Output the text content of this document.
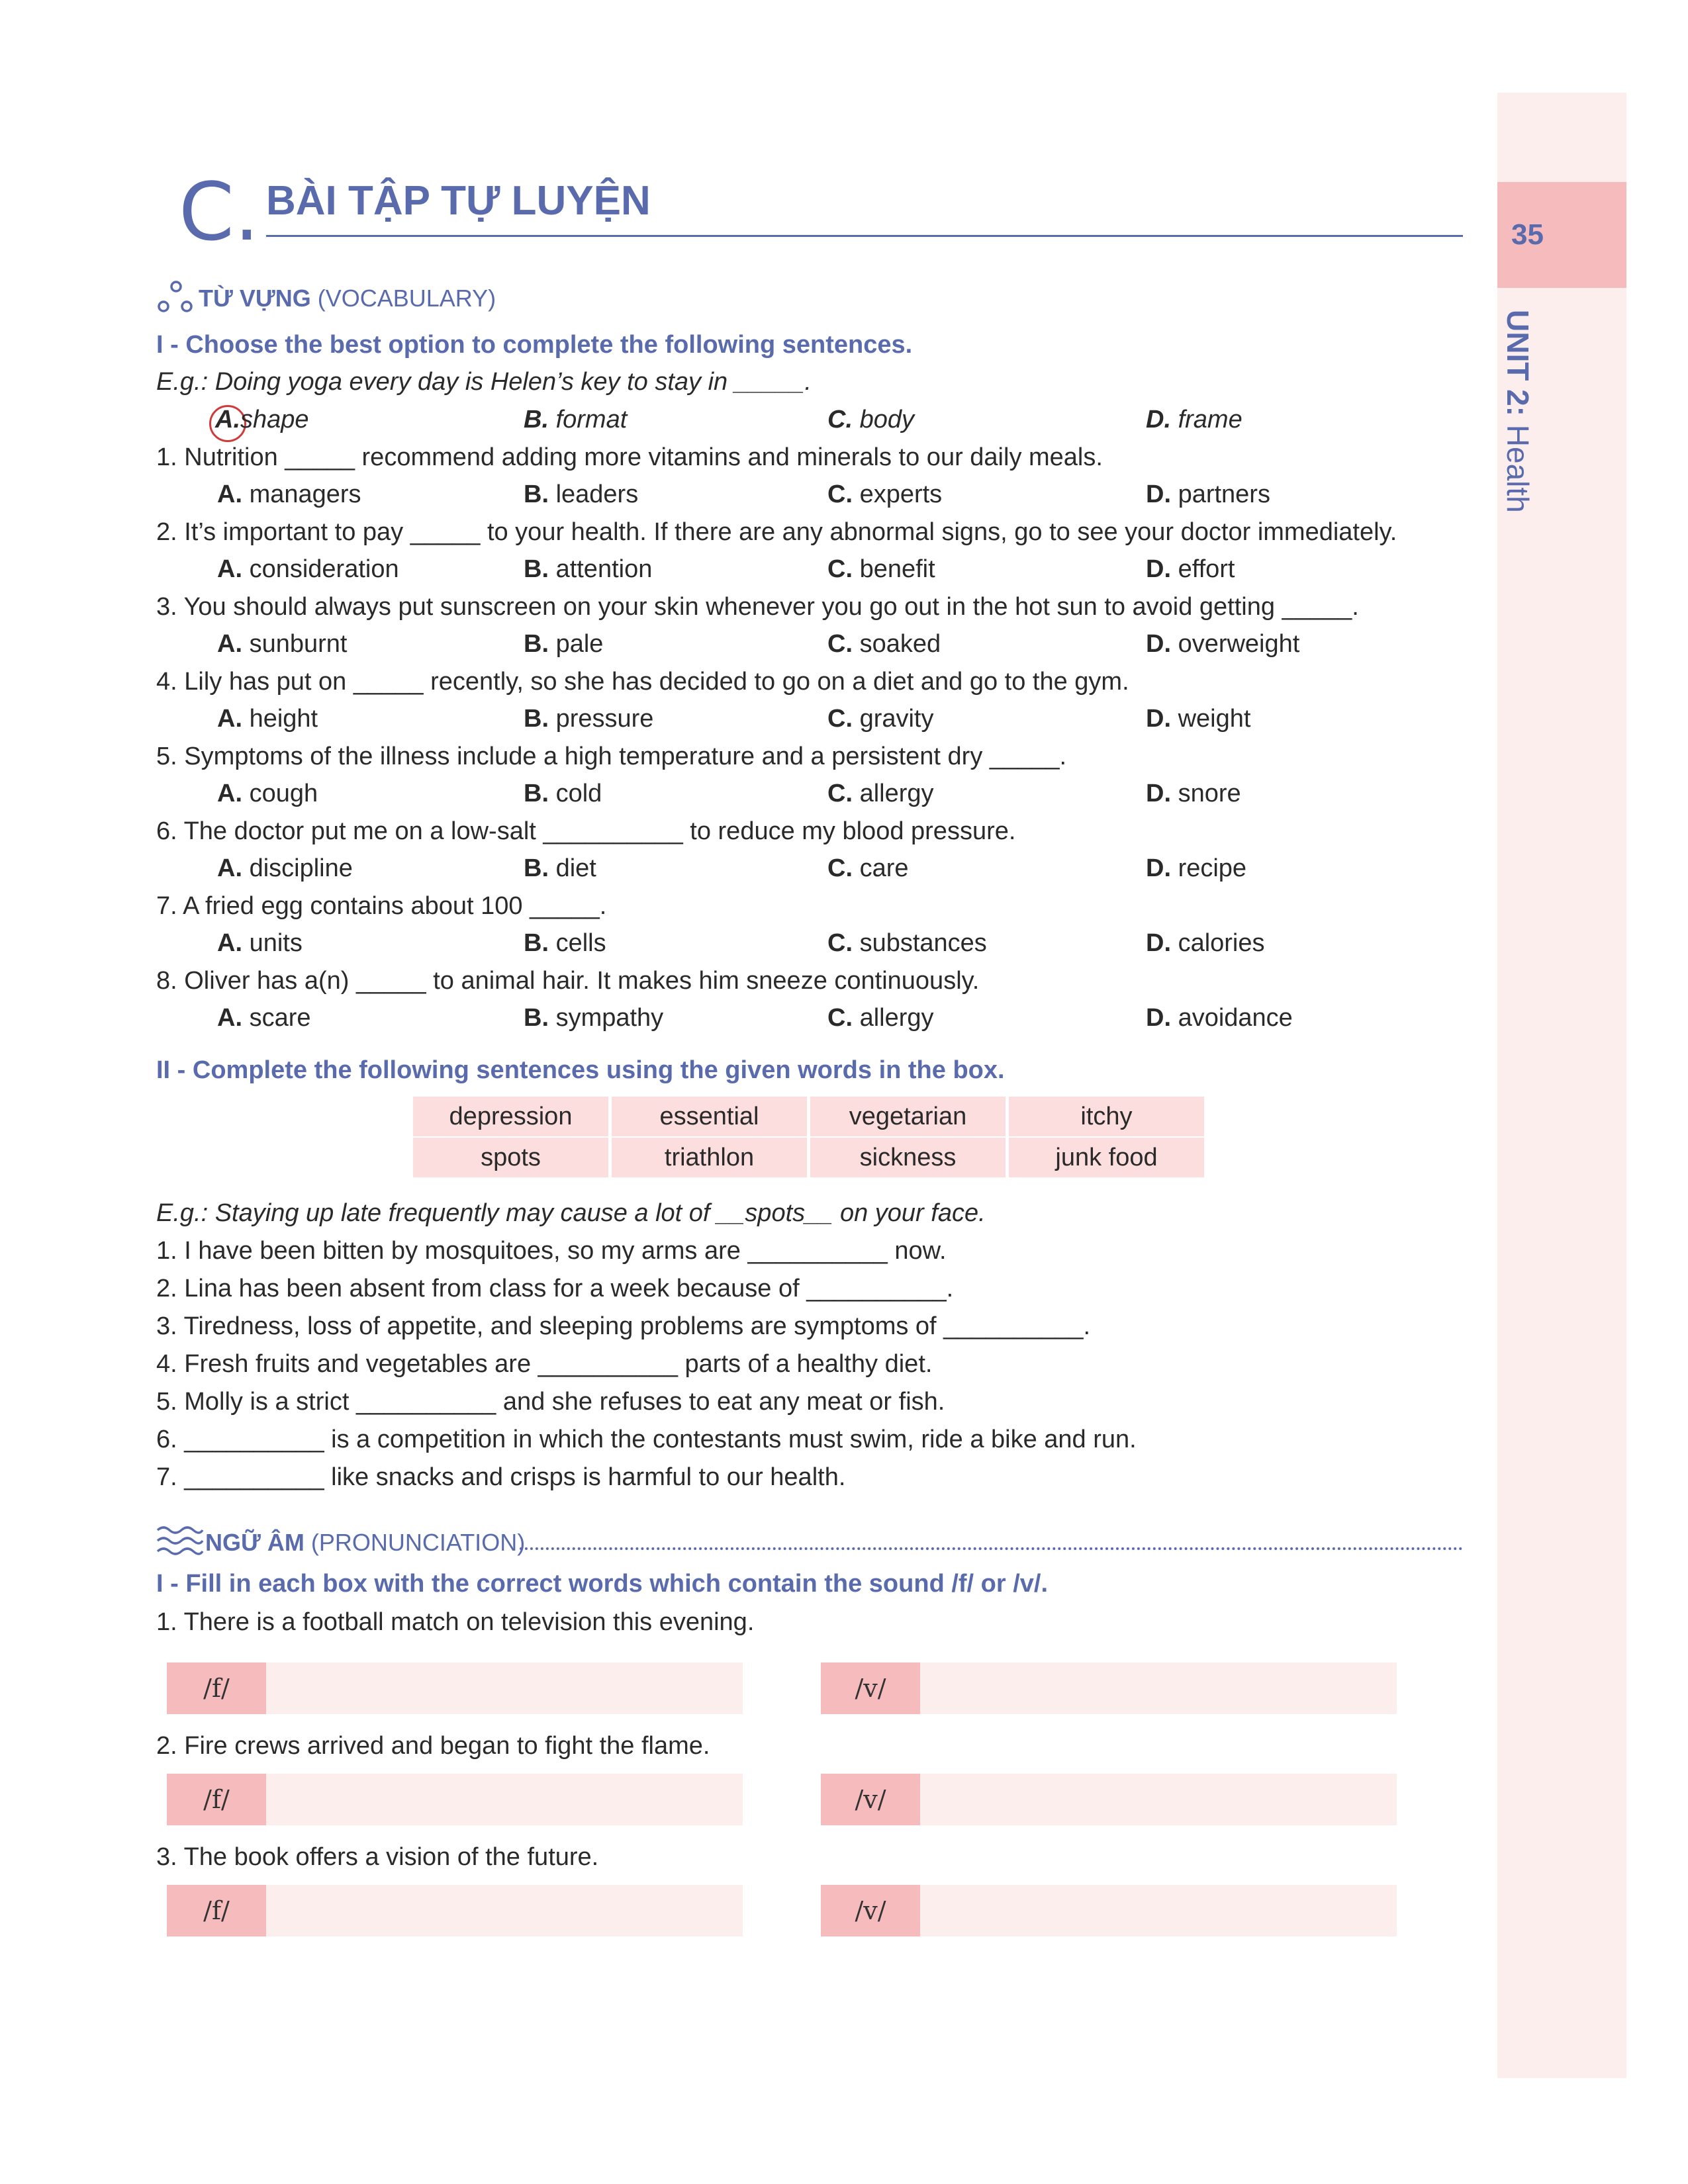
35
UNIT 2: Health
C. BÀI TẬP TỰ LUYỆN
TỪ VỰNG (VOCABULARY)
I - Choose the best option to complete the following sentences.
E.g.: Doing yoga every day is Helen’s key to stay in _____.
A.shape	B. format	C. body	D. frame
1. Nutrition _____ recommend adding more vitamins and minerals to our daily meals.
A. managers	B. leaders	C. experts	D. partners
2. It’s important to pay _____ to your health. If there are any abnormal signs, go to see your doctor immediately.
A. consideration	B. attention	C. benefit	D. effort
3. You should always put sunscreen on your skin whenever you go out in the hot sun to avoid getting _____.
A. sunburnt	B. pale	C. soaked	D. overweight
4. Lily has put on _____ recently, so she has decided to go on a diet and go to the gym.
A. height	B. pressure	C. gravity	D. weight
5. Symptoms of the illness include a high temperature and a persistent dry _____.
A. cough	B. cold	C. allergy	D. snore
6. The doctor put me on a low-salt __________ to reduce my blood pressure.
A. discipline	B. diet	C. care	D. recipe
7. A fried egg contains about 100 _____.
A. units	B. cells	C. substances	D. calories
8. Oliver has a(n) _____ to animal hair. It makes him sneeze continuously.
A. scare	B. sympathy	C. allergy	D. avoidance
II - Complete the following sentences using the given words in the box.
depression	essential	vegetarian	itchy
spots	triathlon	sickness	junk food
E.g.: Staying up late frequently may cause a lot of __spots__ on your face.
1. I have been bitten by mosquitoes, so my arms are __________ now.
2. Lina has been absent from class for a week because of __________.
3. Tiredness, loss of appetite, and sleeping problems are symptoms of __________.
4. Fresh fruits and vegetables are __________ parts of a healthy diet.
5. Molly is a strict __________ and she refuses to eat any meat or fish.
6. __________ is a competition in which the contestants must swim, ride a bike and run.
7. __________ like snacks and crisps is harmful to our health.
NGỮ ÂM (PRONUNCIATION)
I - Fill in each box with the correct words which contain the sound /f/ or /v/.
1. There is a football match on television this evening.
/f/	/v/
2. Fire crews arrived and began to fight the flame.
/f/	/v/
3. The book offers a vision of the future.
/f/	/v/
